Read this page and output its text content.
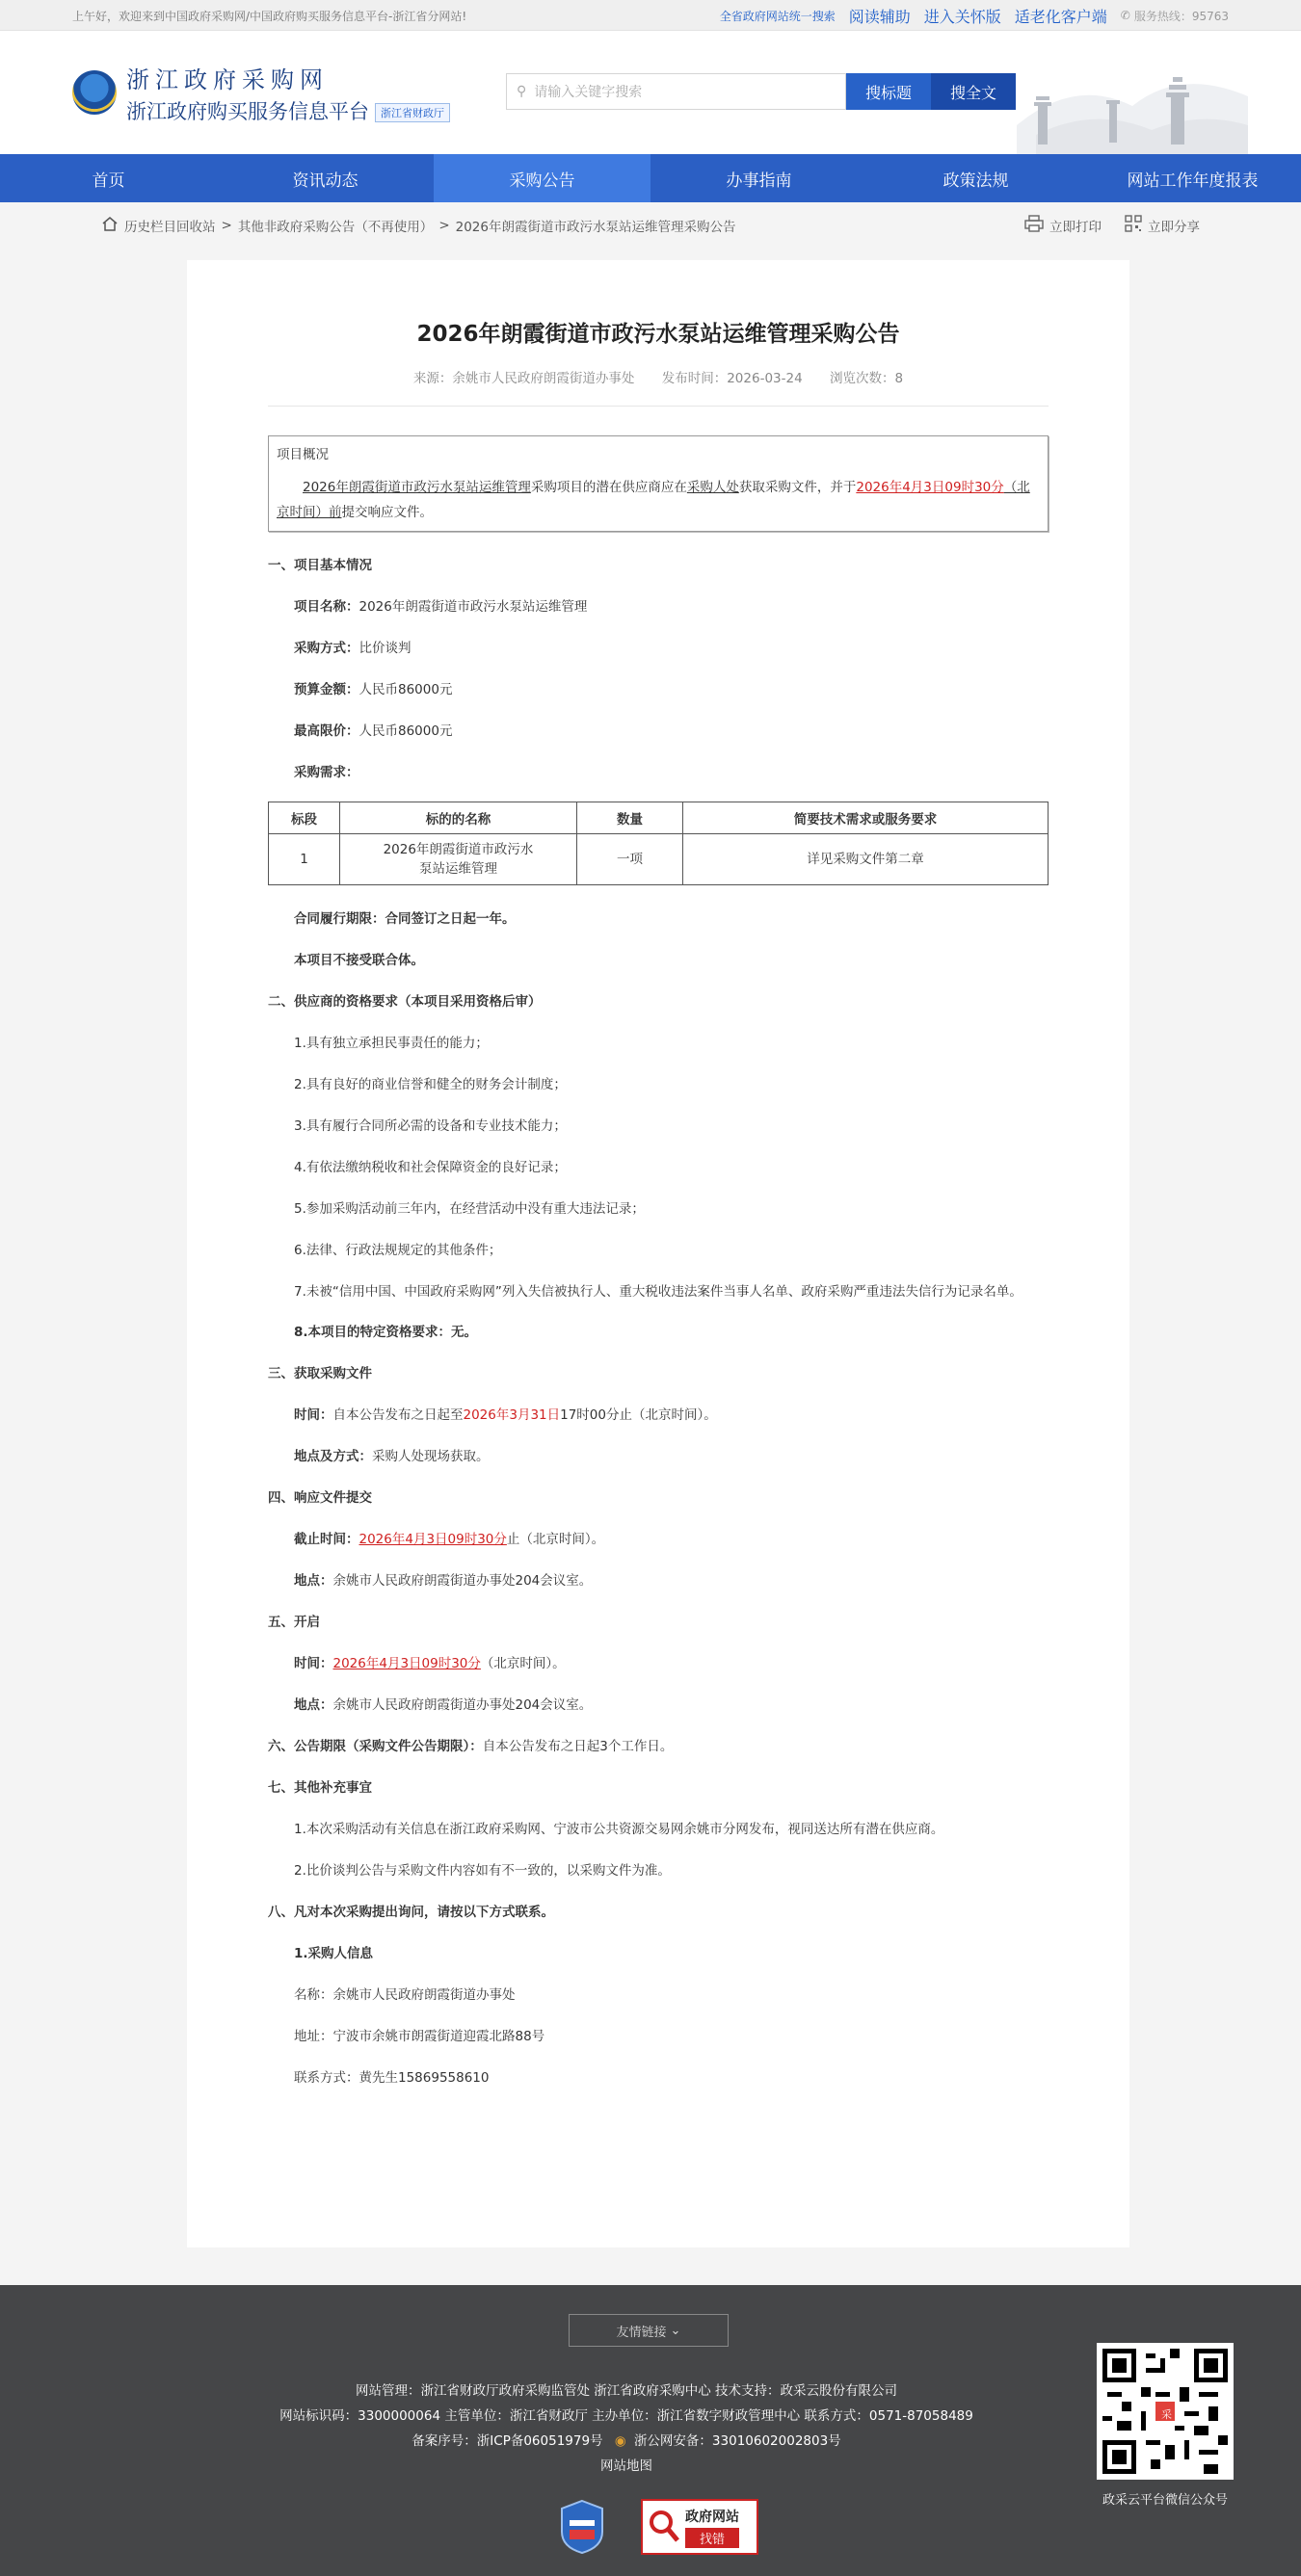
上午好，欢迎来到中国政府采购网/中国政府购买服务信息平台-浙江省分网站!	全省政府网站统一搜索 阅读辅助 进入关怀版 适老化客户端 ✆ 服务热线：95763
浙江政府采购网
浙江政府购买服务信息平台 浙江省财政厅
⚲ 请输入关键字搜索	搜标题	搜全文
首页	资讯动态	采购公告	办事指南	政策法规	网站工作年度报表
历史栏目回收站 > 其他非政府采购公告（不再使用） > 2026年朗霞街道市政污水泵站运维管理采购公告	立即打印	立即分享
2026年朗霞街道市政污水泵站运维管理采购公告
来源：余姚市人民政府朗霞街道办事处 发布时间：2026-03-24 浏览次数：8
项目概况

2026年朗霞街道市政污水泵站运维管理采购项目的潜在供应商应在采购人处获取采购文件，并于2026年4月3日09时30分（北京时间）前提交响应文件。

一、项目基本情况
项目名称：2026年朗霞街道市政污水泵站运维管理
采购方式：比价谈判
预算金额：人民币86000元
最高限价：人民币86000元
采购需求：
标段	标的的名称	数量	简要技术需求或服务要求
1	2026年朗霞街道市政污水泵站运维管理	一项	详见采购文件第二章
合同履行期限：合同签订之日起一年。
本项目不接受联合体。
二、供应商的资格要求（本项目采用资格后审）
1.具有独立承担民事责任的能力；
2.具有良好的商业信誉和健全的财务会计制度；
3.具有履行合同所必需的设备和专业技术能力；
4.有依法缴纳税收和社会保障资金的良好记录；
5.参加采购活动前三年内，在经营活动中没有重大违法记录；
6.法律、行政法规规定的其他条件；
7.未被“信用中国、中国政府采购网”列入失信被执行人、重大税收违法案件当事人名单、政府采购严重违法失信行为记录名单。
8.本项目的特定资格要求：无。
三、获取采购文件
时间：自本公告发布之日起至2026年3月31日17时00分止（北京时间）。
地点及方式：采购人处现场获取。
四、响应文件提交
截止时间：2026年4月3日09时30分止（北京时间）。
地点：余姚市人民政府朗霞街道办事处204会议室。
五、开启
时间：2026年4月3日09时30分（北京时间）。
地点：余姚市人民政府朗霞街道办事处204会议室。
六、公告期限（采购文件公告期限）：自本公告发布之日起3个工作日。
七、其他补充事宜
1.本次采购活动有关信息在浙江政府采购网、宁波市公共资源交易网余姚市分网发布，视同送达所有潜在供应商。
2.比价谈判公告与采购文件内容如有不一致的，以采购文件为准。
八、凡对本次采购提出询问，请按以下方式联系。
1.采购人信息
名称：余姚市人民政府朗霞街道办事处
地址：宁波市余姚市朗霞街道迎霞北路88号
联系方式：黄先生15869558610
友情链接 ⌄
网站管理：浙江省财政厅政府采购监管处 浙江省政府采购中心 技术支持：政采云股份有限公司
网站标识码：3300000064 主管单位：浙江省财政厅 主办单位：浙江省数字财政管理中心 联系方式：0571-87058489
备案序号：浙ICP备06051979号 ◉ 浙公网安备：33010602002803号
网站地图
政府网站
找错
采
政采云平台微信公众号
